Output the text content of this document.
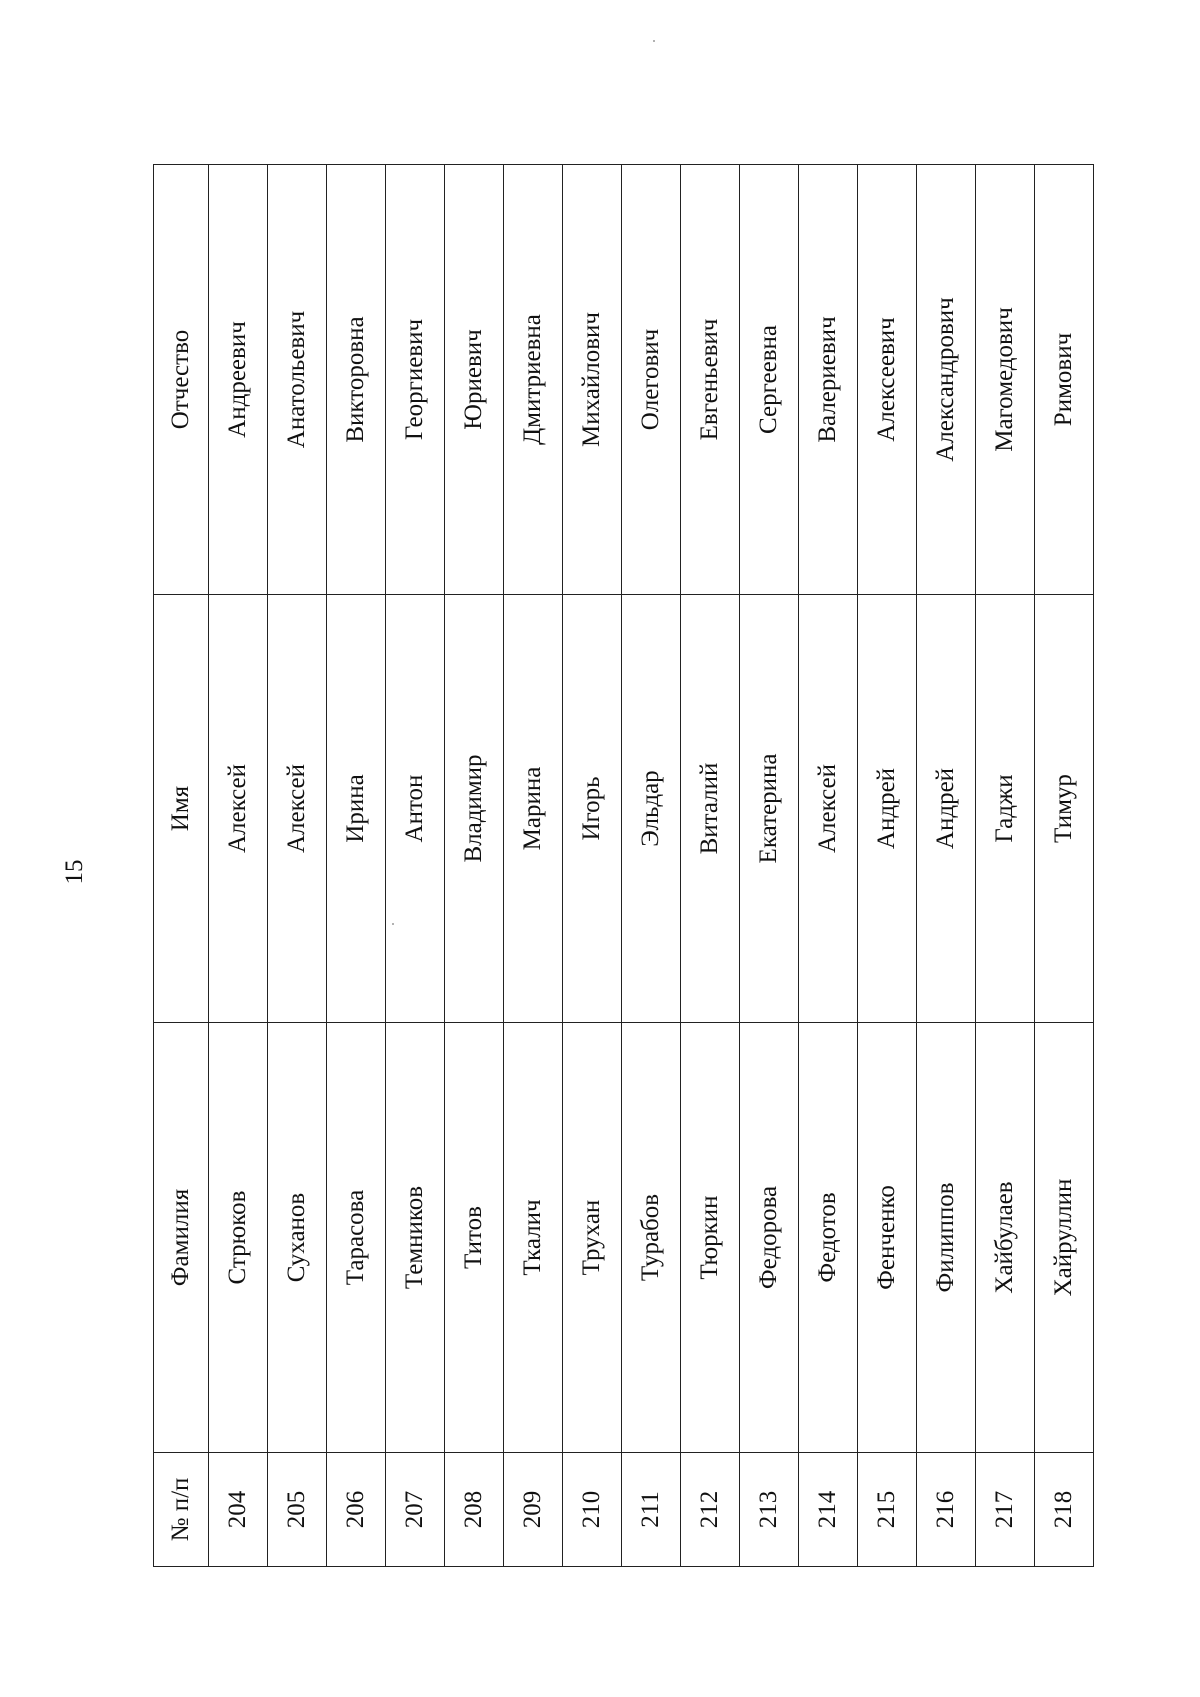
15
№ п/п	Фамилия	Имя	Отчество
204	Стрюков	Алексей	Андреевич
205	Суханов	Алексей	Анатольевич
206	Тарасова	Ирина	Викторовна
207	Темников	Антон	Георгиевич
208	Титов	Владимир	Юриевич
209	Ткалич	Марина	Дмитриевна
210	Трухан	Игорь	Михайлович
211	Турабов	Эльдар	Олегович
212	Тюркин	Виталий	Евгеньевич
213	Федорова	Екатерина	Сергеевна
214	Федотов	Алексей	Валериевич
215	Фенченко	Андрей	Алексеевич
216	Филиппов	Андрей	Александрович
217	Хайбулаев	Гаджи	Магомедович
218	Хайруллин	Тимур	Римович
